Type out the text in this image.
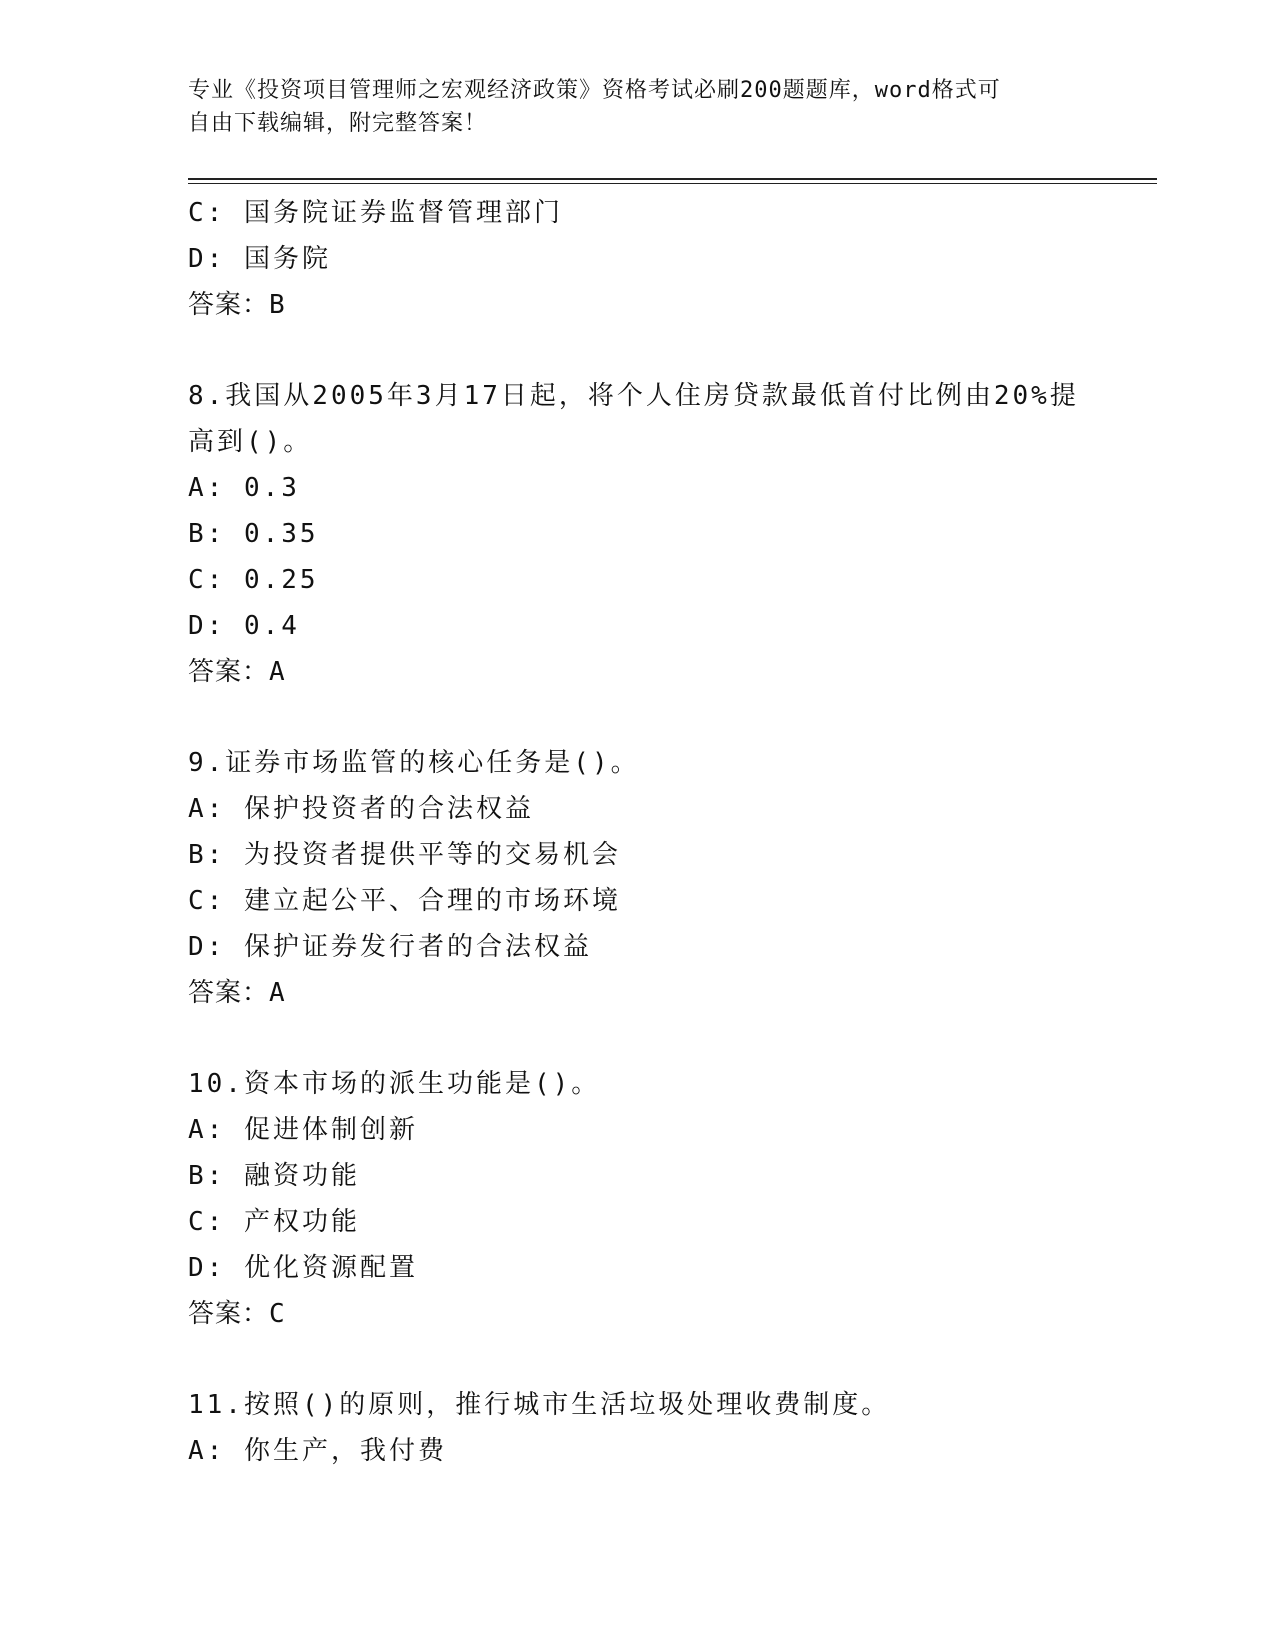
专业《投资项目管理师之宏观经济政策》资格考试必刷200题题库，word格式可
自由下载编辑，附完整答案！
C: 国务院证券监督管理部门
D: 国务院
答案：B
8.我国从2005年3月17日起，将个人住房贷款最低首付比例由20%提
高到()。
A: 0.3
B: 0.35
C: 0.25
D: 0.4
答案：A
9.证券市场监管的核心任务是()。
A: 保护投资者的合法权益
B: 为投资者提供平等的交易机会
C: 建立起公平、合理的市场环境
D: 保护证券发行者的合法权益
答案：A
10.资本市场的派生功能是()。
A: 促进体制创新
B: 融资功能
C: 产权功能
D: 优化资源配置
答案：C
11.按照()的原则，推行城市生活垃圾处理收费制度。
A: 你生产，我付费
